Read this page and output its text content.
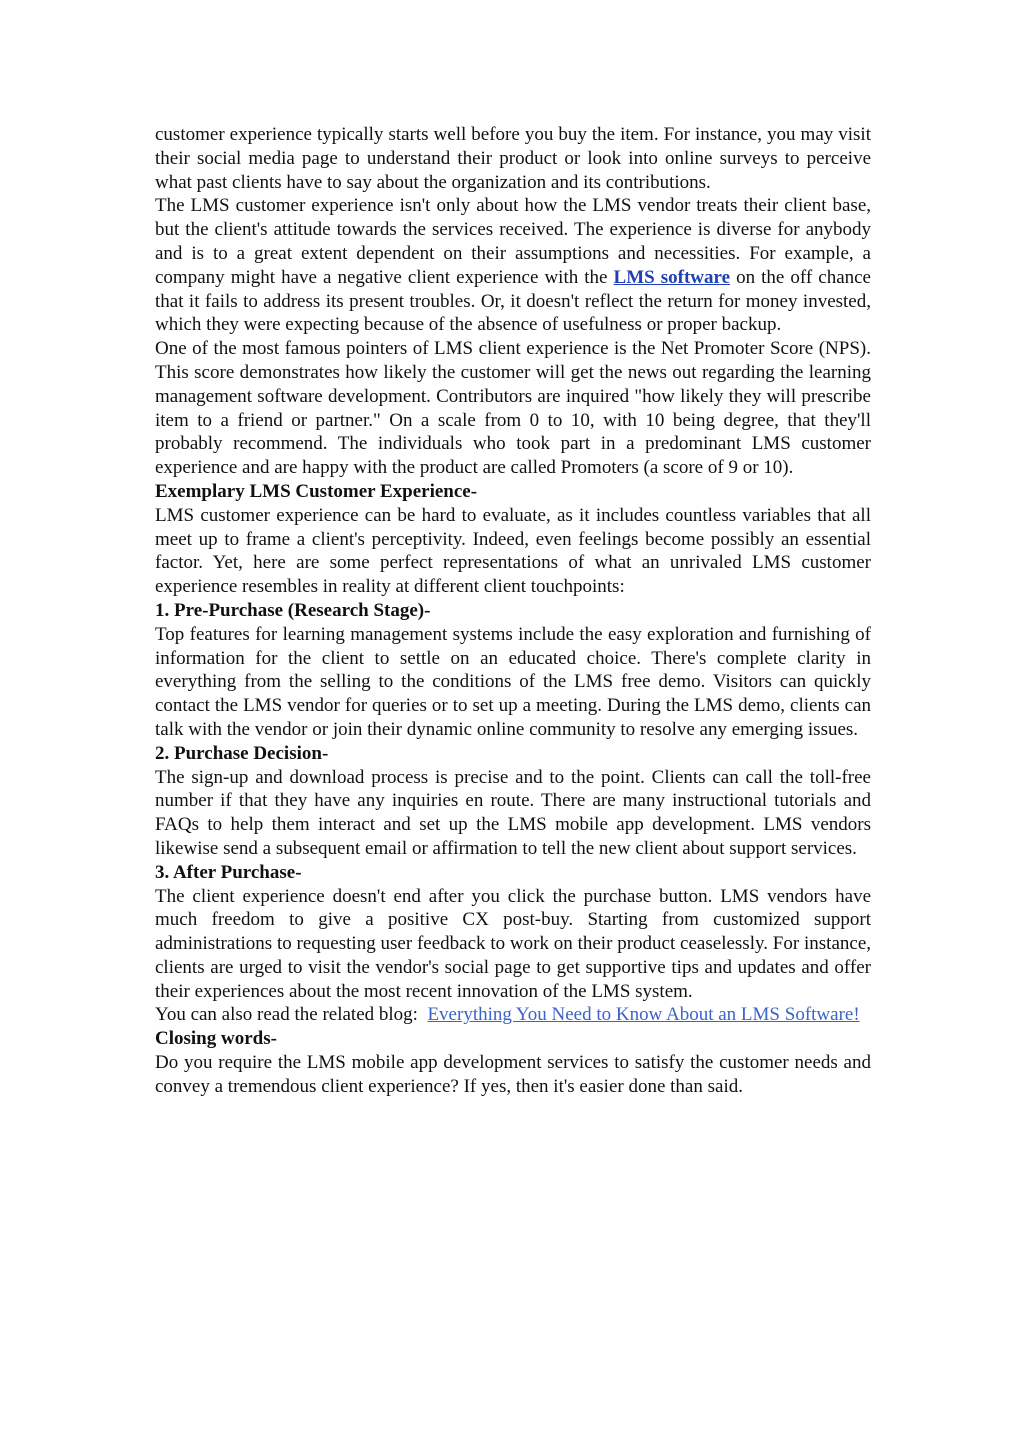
customer experience typically starts well before you buy the item. For instance, you may visit their social media page to understand their product or look into online surveys to perceive what past clients have to say about the organization and its contributions.

The LMS customer experience isn't only about how the LMS vendor treats their client base, but the client's attitude towards the services received. The experience is diverse for anybody and is to a great extent dependent on their assumptions and necessities. For example, a company might have a negative client experience with the LMS software on the off chance that it fails to address its present troubles. Or, it doesn't reflect the return for money invested, which they were expecting because of the absence of usefulness or proper backup.

One of the most famous pointers of LMS client experience is the Net Promoter Score (NPS). This score demonstrates how likely the customer will get the news out regarding the learning management software development. Contributors are inquired "how likely they will prescribe item to a friend or partner." On a scale from 0 to 10, with 10 being degree, that they'll probably recommend. The individuals who took part in a predominant LMS customer experience and are happy with the product are called Promoters (a score of 9 or 10).

Exemplary LMS Customer Experience-

LMS customer experience can be hard to evaluate, as it includes countless variables that all meet up to frame a client's perceptivity. Indeed, even feelings become possibly an essential factor. Yet, here are some perfect representations of what an unrivaled LMS customer experience resembles in reality at different client touchpoints:

1. Pre-Purchase (Research Stage)-

Top features for learning management systems include the easy exploration and furnishing of information for the client to settle on an educated choice. There's complete clarity in everything from the selling to the conditions of the LMS free demo. Visitors can quickly contact the LMS vendor for queries or to set up a meeting. During the LMS demo, clients can talk with the vendor or join their dynamic online community to resolve any emerging issues.

2. Purchase Decision-

The sign-up and download process is precise and to the point. Clients can call the toll-free number if that they have any inquiries en route. There are many instructional tutorials and FAQs to help them interact and set up the LMS mobile app development. LMS vendors likewise send a subsequent email or affirmation to tell the new client about support services.

3. After Purchase-

The client experience doesn't end after you click the purchase button. LMS vendors have much freedom to give a positive CX post-buy. Starting from customized support administrations to requesting user feedback to work on their product ceaselessly. For instance, clients are urged to visit the vendor's social page to get supportive tips and updates and offer their experiences about the most recent innovation of the LMS system.

You can also read the related blog:  Everything You Need to Know About an LMS Software!

Closing words-

Do you require the LMS mobile app development services to satisfy the customer needs and convey a tremendous client experience? If yes, then it's easier done than said.
